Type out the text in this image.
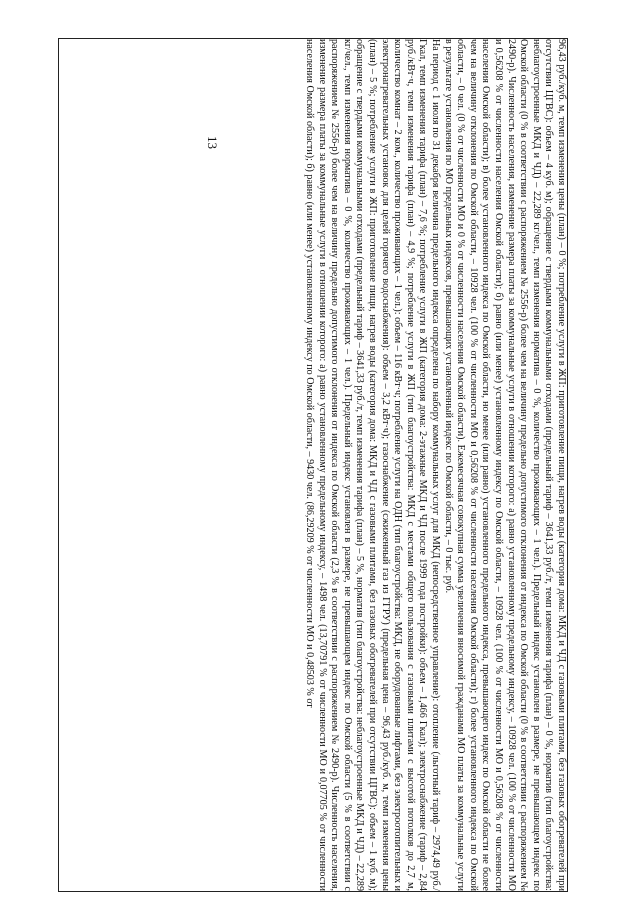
13	96,43 руб./куб. м, темп изменения цены (план) – 0 %; потребление услуги в ЖП: приготовление пищи, нагрев воды (категория дома: МКД и ЧД с газовыми плитами, без газовых обогревателей при отсутствии ЦГВС): объем – 4 куб. м); обращение с твердыми коммунальными отходами (предельный тариф – 3641,33 руб./т, темп изменения тарифа (план) – 0 %, норматив (тип благоустройства: неблагоустроенные МКД и ЧД) – 22,289 кг/чел., темп изменения норматива – 0 %, количество проживающих – 1 чел.). Предельный индекс установлен в размере, не превышающем индекс по Омской области (0 % в соответствии с распоряжением № 2556-р) более чем на величину предельно допустимого отклонения от индекса по Омской области (0 % в соответствии с распоряжением № 2490-р). Численность населения, изменение размера платы за коммунальные услуги в отношении которого: а) равно установленному предельному индексу, – 10928 чел. (100 % от численности МО и 0,56208 % от численности населения Омской области); б) равно (или менее) установленному индексу по Омской области, – 10928 чел. (100 % от численности МО и 0,56208 % от численности населения Омской области); в) более установленного индекса по Омской области, но менее (или равно) установленного предельного индекса, превышающего индекс по Омской области не более чем на величину отклонения по Омской области, – 10928 чел. (100 % от численности МО и 0,56208 % от численности населения Омской области); г) более установленного индекса по Омской области, – 0 чел. (0 % от численности МО и 0 % от численности населения Омской области). Ежемесячная совокупная сумма увеличения вносимой гражданами МО платы за коммунальные услуги в результате установления по МО предельных индексов, превышающих установленный индекс по Омской области, – 0 тыс. руб.

На период с 1 июля по 31 декабря величина предельного индекса определена по набору коммунальных услуг для МКД (непосредственное управление): отопление (льготный тариф – 2974,49 руб./Гкал, темп изменения тарифа (план) – 7,6 %; потребление услуги в ЖП (категория дома: 2-этажные МКД и ЧД после 1999 года постройки): объем – 1,466 Гкал); электроснабжение (тариф – 2,84 руб./кВт·ч, темп изменения тарифа (план) – 4,9 %; потребление услуги в ЖП (тип благоустройства: МКД с местами общего пользования с газовыми плитами с высотой потолков до 2,7 м, количество комнат – 2 ком., количество проживающих – 1 чел.): объем – 116 кВт·ч; потребление услуги на ОДН (тип благоустройства: МКД, не оборудованные лифтами, без электроотопительных и электронагревательных установок для целей горячего водоснабжения): объем – 3,2 кВт·ч); газоснабжение (сжиженный газ из ГГРУ) (предельная цена – 96,43 руб./куб. м, темп изменения цены (план) – 5 %; потребление услуги в ЖП: приготовление пищи, нагрев воды (категория дома: МКД и ЧД с газовыми плитами, без газовых обогревателей при отсутствии ЦГВС): объем – 1 куб. м); обращение с твердыми коммунальными отходами (предельный тариф – 3641,33 руб./т, темп изменения тарифа (план) – 5 %, норматив (тип благоустройства: неблагоустроенные МКД и ЧД) – 22,289 кг/чел., темп изменения норматива – 0 %, количество проживающих – 1 чел.). Предельный индекс установлен в размере, не превышающем индекс по Омской области (5 % в соответствии с распоряжением № 2556-р) более чем на величину предельно допустимого отклонения от индекса по Омской области (2,3 % в соответствии с распоряжением № 2490-р). Численность населения, изменение размера платы за коммунальные услуги в отношении которого: а) равно установленному предельному индексу, – 1498 чел. (13,70791 % от численности МО и 0,07705 % от численности населения Омской области); б) равно (или менее) установленному индексу по Омской области, – 9430 чел. (86,29209 % от численности МО и 0,48503 % от
